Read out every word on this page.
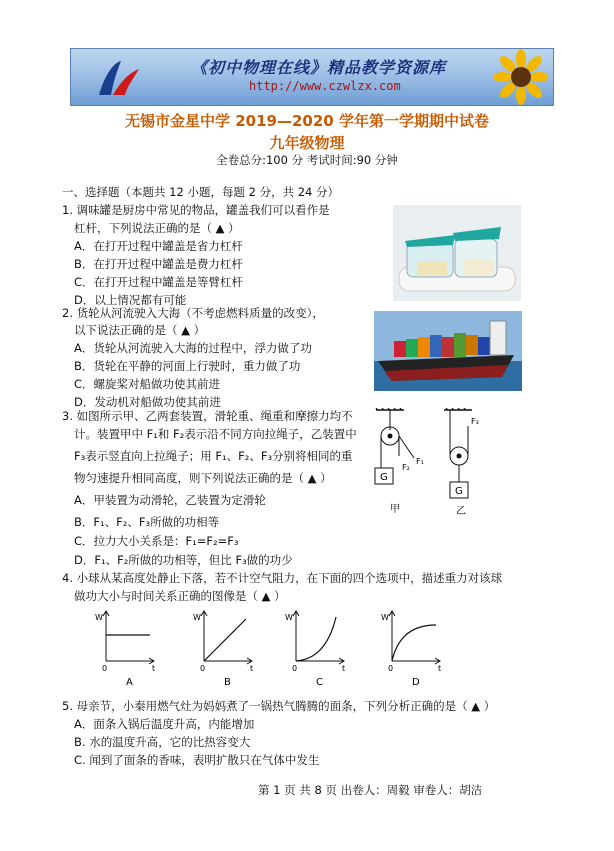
《初中物理在线》精品教学资源库
http://www.czwlzx.com
无锡市金星中学 2019—2020 学年第一学期期中试卷
九年级物理
全卷总分:100 分 考试时间:90 分钟
一、选择题（本题共 12 小题，每题 2 分，共 24 分）
1. 调味罐是厨房中常见的物品，罐盖我们可以看作是
杠杆，下列说法正确的是（ ▲ ）
A．在打开过程中罐盖是省力杠杆
B．在打开过程中罐盖是费力杠杆
C．在打开过程中罐盖是等臂杠杆
D．以上情况都有可能
2. 货轮从河流驶入大海（不考虑燃料质量的改变），
以下说法正确的是（ ▲ ）
A．货轮从河流驶入大海的过程中，浮力做了功
B．货轮在平静的河面上行驶时，重力做了功
C．螺旋桨对船做功使其前进
D．发动机对船做功使其前进
3. 如图所示甲、乙两套装置，滑轮重、绳重和摩擦力均不
计。装置甲中 F₁和 F₂表示沿不同方向拉绳子，乙装置中
F₃表示竖直向上拉绳子；用 F₁、F₂、F₃分别将相同的重
物匀速提升相同高度，则下列说法正确的是（ ▲ ）
A．甲装置为动滑轮，乙装置为定滑轮
B．F₁、F₂、F₃所做的功相等
C．拉力大小关系是：F₁=F₂=F₃
D．F₁、F₂所做的功相等，但比 F₃做的功少
G
G
F₁
F₂
F₃
甲	乙
4. 小球从某高度处静止下落，若不计空气阻力，在下面的四个选项中，描述重力对该球
做功大小与时间关系正确的图像是（ ▲ ）
W
t
0
A
W
t
0
B
W
t
0
C
W
t
0
D
5. 母亲节，小秦用燃气灶为妈妈煮了一锅热气腾腾的面条，下列分析正确的是（ ▲ ）
A．面条入锅后温度升高，内能增加
B. 水的温度升高，它的比热容变大
C. 闻到了面条的香味，表明扩散只在气体中发生
第 1 页 共 8 页 出卷人：周毅 审卷人：胡洁
